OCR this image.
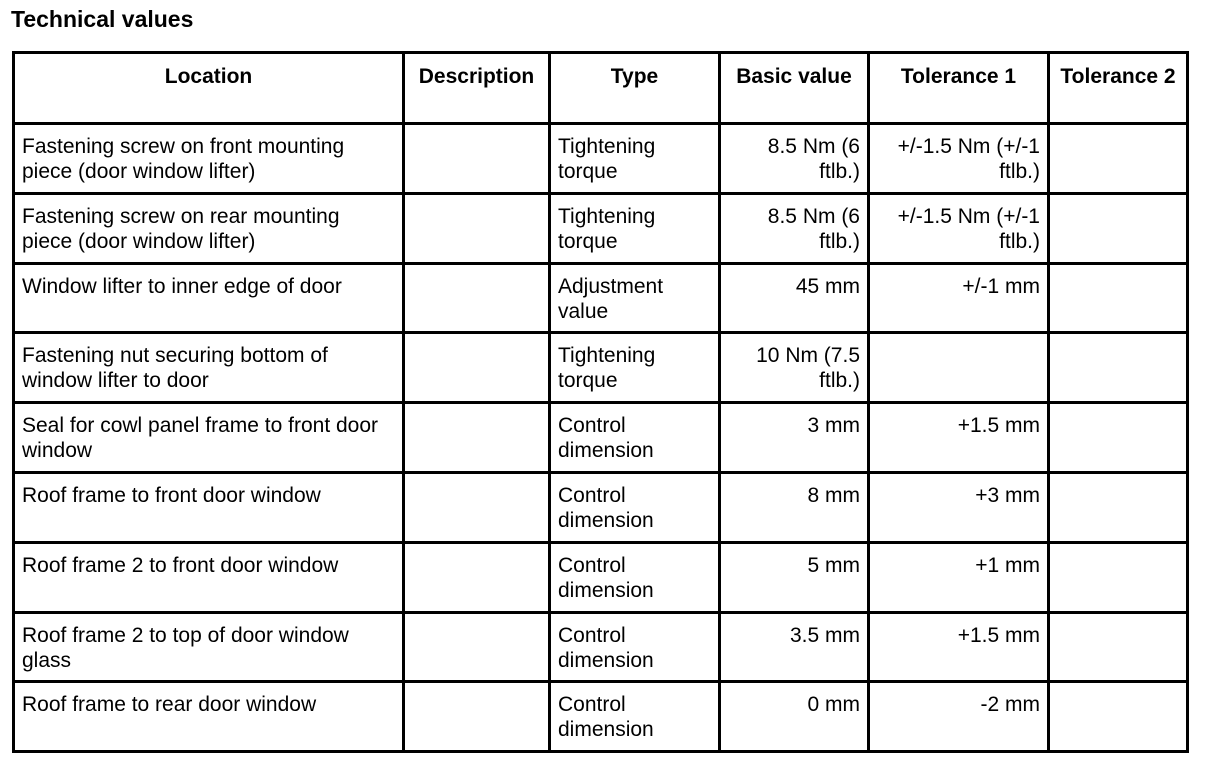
Technical values
Location	Description	Type	Basic value	Tolerance 1	Tolerance 2
Fastening screw on front mounting piece (door window lifter)		Tightening torque	8.5 Nm (6 ftlb.)	+/-1.5 Nm (+/-1 ftlb.)	
Fastening screw on rear mounting piece (door window lifter)		Tightening torque	8.5 Nm (6 ftlb.)	+/-1.5 Nm (+/-1 ftlb.)	
Window lifter to inner edge of door		Adjustment value	45 mm	+/-1 mm	
Fastening nut securing bottom of window lifter to door		Tightening torque	10 Nm (7.5 ftlb.)		
Seal for cowl panel frame to front door window		Control dimension	3 mm	+1.5 mm	
Roof frame to front door window		Control dimension	8 mm	+3 mm	
Roof frame 2 to front door window		Control dimension	5 mm	+1 mm	
Roof frame 2 to top of door window glass		Control dimension	3.5 mm	+1.5 mm	
Roof frame to rear door window		Control dimension	0 mm	-2 mm	
